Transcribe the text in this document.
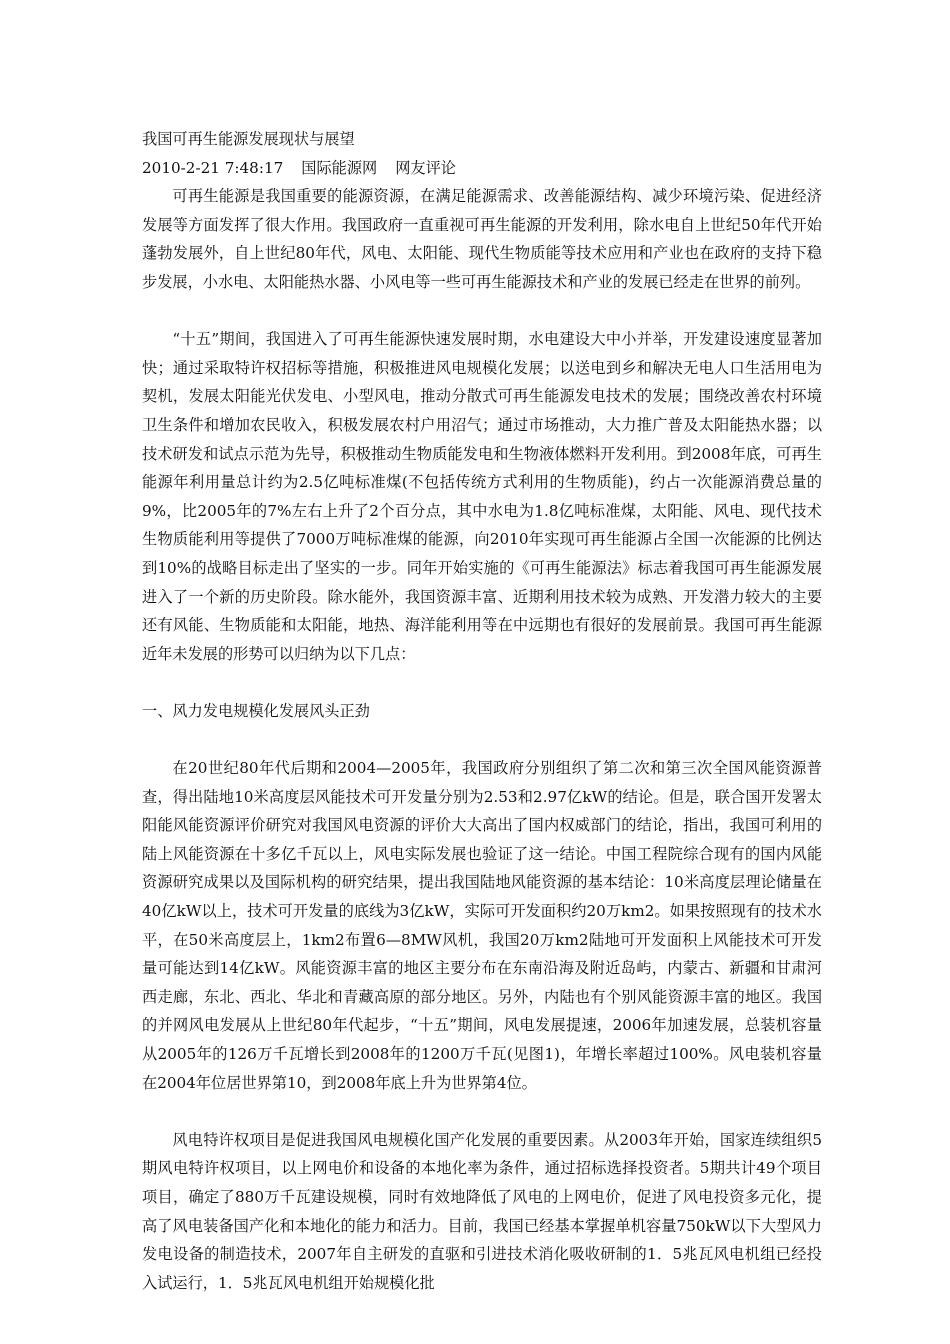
我国可再生能源发展现状与展望
2010-2-21 7:48:17 国际能源网 网友评论

可再生能源是我国重要的能源资源，在满足能源需求、改善能源结构、减少环境污染、促进经济发展等方面发挥了很大作用。我国政府一直重视可再生能源的开发利用，除水电自上世纪50年代开始蓬勃发展外，自上世纪80年代，风电、太阳能、现代生物质能等技术应用和产业也在政府的支持下稳步发展，小水电、太阳能热水器、小风电等一些可再生能源技术和产业的发展已经走在世界的前列。

“十五”期间，我国进入了可再生能源快速发展时期，水电建设大中小并举，开发建设速度显著加快；通过采取特许权招标等措施，积极推进风电规模化发展；以送电到乡和解决无电人口生活用电为契机，发展太阳能光伏发电、小型风电，推动分散式可再生能源发电技术的发展；围绕改善农村环境卫生条件和增加农民收入，积极发展农村户用沼气；通过市场推动，大力推广普及太阳能热水器；以技术研发和试点示范为先导，积极推动生物质能发电和生物液体燃料开发利用。到2008年底，可再生能源年利用量总计约为2.5亿吨标准煤(不包括传统方式利用的生物质能)，约占一次能源消费总量的9%，比2005年的7%左右上升了2个百分点，其中水电为1.8亿吨标准煤，太阳能、风电、现代技术生物质能利用等提供了7000万吨标准煤的能源，向2010年实现可再生能源占全国一次能源的比例达到10%的战略目标走出了坚实的一步。同年开始实施的《可再生能源法》标志着我国可再生能源发展进入了一个新的历史阶段。除水能外，我国资源丰富、近期利用技术较为成熟、开发潜力较大的主要还有风能、生物质能和太阳能，地热、海洋能利用等在中远期也有很好的发展前景。我国可再生能源近年未发展的形势可以归纳为以下几点：

一、风力发电规模化发展风头正劲

在20世纪80年代后期和2004—2005年，我国政府分别组织了第二次和第三次全国风能资源普查，得出陆地10米高度层风能技术可开发量分别为2.53和2.97亿kW的结论。但是，联合国开发署太阳能风能资源评价研究对我国风电资源的评价大大高出了国内权威部门的结论，指出，我国可利用的陆上风能资源在十多亿千瓦以上，风电实际发展也验证了这一结论。中国工程院综合现有的国内风能资源研究成果以及国际机构的研究结果，提出我国陆地风能资源的基本结论：10米高度层理论储量在40亿kW以上，技术可开发量的底线为3亿kW，实际可开发面积约20万km2。如果按照现有的技术水平，在50米高度层上，1km2布置6—8MW风机，我国20万km2陆地可开发面积上风能技术可开发量可能达到14亿kW。风能资源丰富的地区主要分布在东南沿海及附近岛屿，内蒙古、新疆和甘肃河西走廊，东北、西北、华北和青藏高原的部分地区。另外，内陆也有个别风能资源丰富的地区。我国的并网风电发展从上世纪80年代起步，“十五”期间，风电发展提速，2006年加速发展，总装机容量从2005年的126万千瓦增长到2008年的1200万千瓦(见图1)，年增长率超过100%。风电装机容量在2004年位居世界第10，到2008年底上升为世界第4位。

风电特许权项目是促进我国风电规模化国产化发展的重要因素。从2003年开始，国家连续组织5期风电特许权项目，以上网电价和设备的本地化率为条件，通过招标选择投资者。5期共计49个项目项目，确定了880万千瓦建设规模，同时有效地降低了风电的上网电价，促进了风电投资多元化，提高了风电装备国产化和本地化的能力和活力。目前，我国已经基本掌握单机容量750kW以下大型风力发电设备的制造技术，2007年自主研发的直驱和引进技术消化吸收研制的1．5兆瓦风电机组已经投入试运行，1．5兆瓦风电机组开始规模化批
